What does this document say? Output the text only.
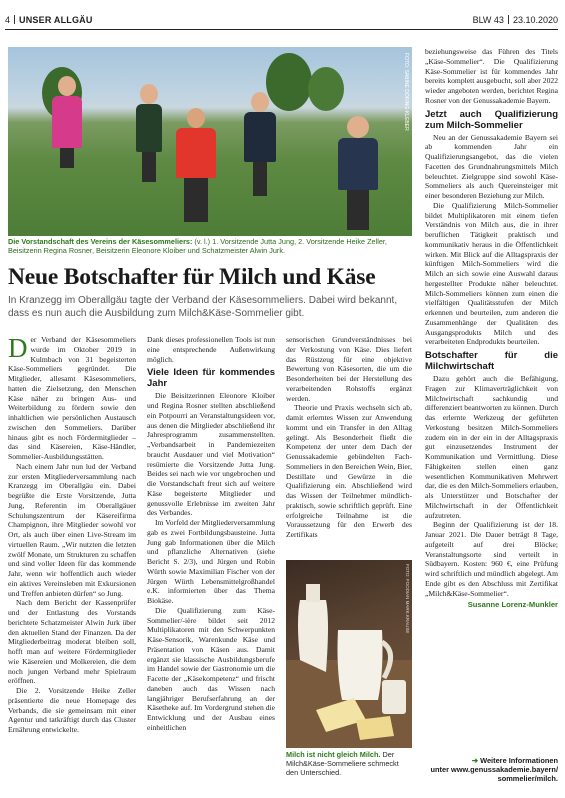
4 UNSER ALLGÄU	BLW 43 23.10.2020
FOTO: SABINE DÖRING-KLEBER
Die Vorstandschaft des Vereins der Käsesommeliers: (v. l.) 1. Vorsitzende Jutta Jung, 2. Vorsitzende Heike Zeller, Beisitzerin Regina Rosner, Beisitzerin Eleonore Kloiber und Schatzmeister Alwin Jurk.
Neue Botschafter für Milch und Käse
In Kranzegg im Oberallgäu tagte der Verband der Käsesommeliers. Dabei wird bekannt, dass es nun auch die Ausbildung zum Milch&Käse-Sommelier gibt.

Der Verband der Käsesommeliers wurde im Oktober 2019 in Kulmbach von 31 begeisterten Käse-Sommeliers gegründet. Die Mitglieder, allesamt Käsesommeliers, hatten die Zielsetzung, den Menschen Käse näher zu bringen Aus- und Weiterbildung zu fördern sowie den inhaltlichen wie persönlichen Austausch zwischen den Sommeliers. Darüber hinaus gibt es noch Fördermitglieder – das sind Käsereien, Käse-Händler, Sommelier-Ausbildungsstätten.

Nach einem Jahr nun lud der Verband zur ersten Mitgliederversammlung nach Kranzegg im Oberallgäu ein. Dabei begrüßte die Erste Vorsitzende, Jutta Jung, Referentin im Oberallgäuer Schulungszentrum der Käsereifirma Champignon, ihre Mitglieder sowohl vor Ort, als auch über einen Live-Stream im virtuellen Raum. „Wir nutzten die letzten zwölf Monate, um Strukturen zu schaffen und sind voller Ideen für das kommende Jahr, wenn wir hoffentlich auch wieder ein aktives Vereinsleben mit Exkursionen und Treffen anbieten dürfen“ so Jung.

Nach dem Bericht der Kassenprüfer und der Entlastung des Vorstands berichtete Schatzmeister Alwin Jurk über den aktuellen Stand der Finanzen. Da der Mitgliederbeitrag moderat bleiben soll, hofft man auf weitere Fördermitglieder wie Käsereien und Molkereien, die dem noch jungen Verband mehr Spielraum eröffnen.

Die 2. Vorsitzende Heike Zeller präsentierte die neue Homepage des Verbands, die sie gemeinsam mit einer Agentur und tatkräftigt durch das Cluster Ernährung entwickelte.

Dank dieses professionellen Tools ist nun eine entsprechende Außenwirkung möglich.

Viele Ideen für kommendes Jahr

Die Beisitzerinnen Eleonore Kloiber und Regina Rosner stellten abschließend ein Potpourri an Veranstaltungsideen vor, aus denen die Mitglieder abschließend ihr Jahresprogramm zusammenstellten. „Verbandsarbeit in Pandemiezeiten braucht Ausdauer und viel Motivation“ resümierte die Vorsitzende Jutta Jung. Beides sei nach wie vor ungebrochen und die Vorstandschaft freut sich auf weitere Käse begeisterte Mitglieder und genussvolle Erlebnisse im zweiten Jahr des Verbandes.

Im Vorfeld der Mitgliederversammlung gab es zwei Fortbildungsbausteine. Jutta Jung gab Informationen über die Milch und pflanzliche Alternativen (siehe Bericht S. 2/3), und Jürgen und Robin Würth sowie Maximilian Fischer von der Jürgen Würth Lebensmittelgroßhandel e.K. informierten über das Thema Biokäse.

Die Qualifizierung zum Käse-Sommelier/-ière bildet seit 2012 Multiplikatoren mit den Schwerpunkten Käse-Sensorik, Warenkunde Käse und Präsentation von Käsen aus. Damit ergänzt sie klassische Ausbildungsberufe im Handel sowie der Gastronomie um die Facette der „Käsekompetenz“ und frischt daneben auch das Wissen nach langjähriger Berufserfahrung an der Käsetheke auf. Im Vordergrund stehen die Entwicklung und der Ausbau eines einheitlichen

sensorischen Grundverständnisses bei der Verkostung von Käse. Dies liefert das Rüstzeug für eine objektive Bewertung von Käsesorten, die um die Besonderheiten bei der Herstellung des verarbeitenden Rohstoffs ergänzt werden.

Theorie und Praxis wechseln sich ab, damit erlerntes Wissen zur Anwendung kommt und ein Transfer in den Alltag gelingt. Als Besonderheit fließt die Kompetenz der unter dem Dach der Genussakademie gebündelten Fach-Sommeliers in den Bereichen Wein, Bier, Destillate und Gewürze in die Qualifizierung ein. Abschließend wird das Wissen der Teilnehmer mündlich-praktisch, sowie schriftlich geprüft. Eine erfolgreiche Teilnahme ist die Voraussetzung für den Erwerb des Zertifikats

FOTO: FOODIAN MARK.KRAUSE
Milch ist nicht gleich Milch. Der Milch&Käse-Sommeliere schmeckt den Unterschied.

beziehungsweise das Führen des Titels „Käse-Sommelier“. Die Qualifizierung Käse-Sommelier ist für kommendes Jahr bereits komplett ausgebucht, soll aber 2022 wieder angeboten werden, berichtet Regina Rosner von der Genussakademie Bayern.

Jetzt auch Qualifizierung zum Milch-Sommelier

Neu an der Genussakademie Bayern sei ab kommenden Jahr ein Qualifizierungsangebot, das die vielen Facetten des Grundnahrungsmittels Milch beleuchtet. Zielgruppe sind sowohl Käse-Sommeliers als auch Quereinsteiger mit einer besonderen Beziehung zur Milch.

Die Qualifizierung Milch-Sommelier bildet Multiplikatoren mit einem tiefen Verständnis von Milch aus, die in ihrer beruflichen Tätigkeit praktisch und kommunikativ heraus in die Öffentlichkeit wirken. Mit Blick auf die Alltagspraxis der künftigen Milch-Sommeliers wird die Milch an sich sowie eine Auswahl daraus hergestellter Produkte näher beleuchtet. Milch-Sommeliers können zum einen die vielfältigen Qualitätsstufen der Milch erkennen und beurteilen, zum anderen die Zusammenhänge der Qualitäten des Ausgangsprodukts Milch und des verarbeiteten Endprodukts beurteilen.

Botschafter für die Milchwirtschaft

Dazu gehört auch die Befähigung, Fragen zur Klimaverträglichkeit von Milchwirtschaft sachkundig und differenziert beantworten zu können. Durch das erlernte Werkzeug der geführten Verkostung besitzen Milch-Sommeliers zudem ein in der ein in der Alltagspraxis gut einzusetzendes Instrument der Kommunikation und Vermittlung. Diese Fähigkeiten stellen einen ganz wesentlichen Kommunikativen Mehrwert dar, die es den Milch-Sommeliers erlauben, als Unterstützer und Botschafter der Milchwirtschaft in der Öffentlichkeit aufzutreten.

Beginn der Qualifizierung ist der 18. Januar 2021. Die Dauer beträgt 8 Tage, aufgeteilt auf drei Blöcke; Veranstaltungsorte sind verteilt in Südbayern. Kosten: 960 €, eine Prüfung wird schriftlich und mündlich abgelegt. Am Ende gibt es den Abschluss mit Zertifikat „Milch&Käse-Sommelier“.

Susanne Lorenz-Munkler
➔ Weitere Informationen
unter www.genussakademie.bayern/
sommelier/milch.
